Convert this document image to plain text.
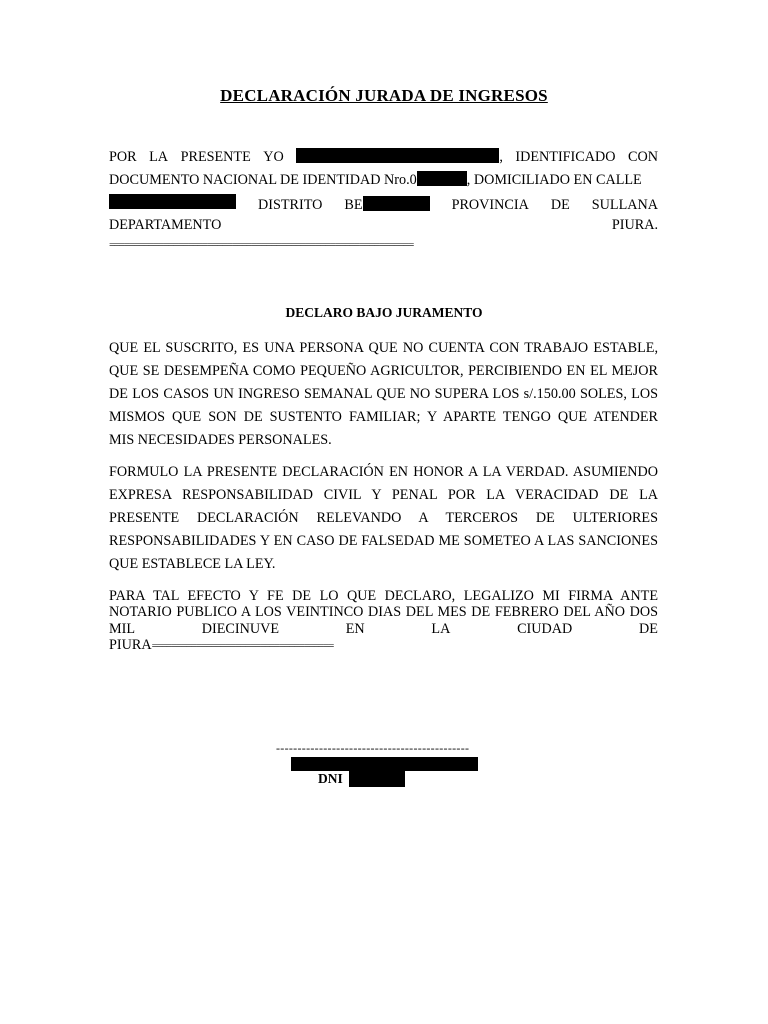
DECLARACIÓN JURADA DE INGRESOS
POR LA PRESENTE YO	, IDENTIFICADO CON
DOCUMENTO NACIONAL DE IDENTIDAD Nro.0	, DOMICILIADO EN CALLE
DISTRITO BE	PROVINCIA DE SULLANA
DEPARTAMENTO	PIURA.
==============================================================
DECLARO BAJO JURAMENTO
QUE EL SUSCRITO, ES UNA PERSONA QUE NO CUENTA CON TRABAJO ESTABLE,
QUE SE DESEMPEÑA COMO PEQUEÑO AGRICULTOR, PERCIBIENDO EN EL MEJOR
DE LOS CASOS UN INGRESO SEMANAL QUE NO SUPERA LOS s/.150.00 SOLES, LOS
MISMOS QUE SON DE SUSTENTO FAMILIAR; Y APARTE TENGO QUE ATENDER
MIS NECESIDADES PERSONALES.
FORMULO LA PRESENTE DECLARACIÓN EN HONOR A LA VERDAD. ASUMIENDO
EXPRESA RESPONSABILIDAD CIVIL Y PENAL POR LA VERACIDAD DE LA
PRESENTE DECLARACIÓN RELEVANDO A TERCEROS DE ULTERIORES
RESPONSABILIDADES Y EN CASO DE FALSEDAD ME SOMETEO A LAS SANCIONES
QUE ESTABLECE LA LEY.
PARA TAL EFECTO Y FE DE LO QUE DECLARO, LEGALIZO MI FIRMA ANTE
NOTARIO PUBLICO A LOS VEINTINCO DIAS DEL MES DE FEBRERO DEL AÑO DOS
MIL	DIECINUVE	EN	LA	CIUDAD	DE
PIURA=====================================
---------------------------------------------
DNI
